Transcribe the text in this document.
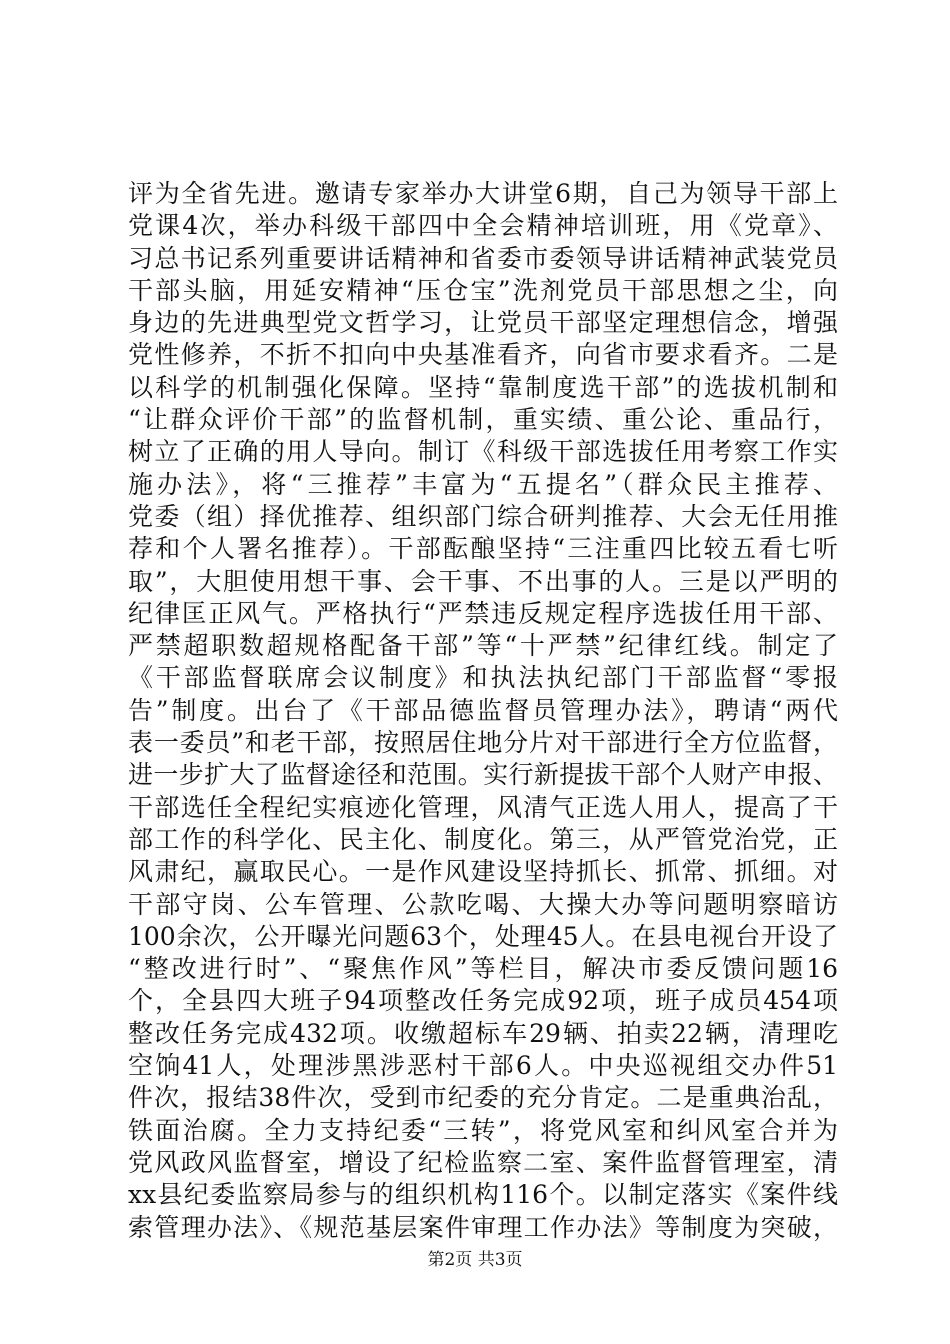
评为全省先进。邀请专家举办大讲堂6期，自己为领导干部上
党课4次，举办科级干部四中全会精神培训班，用《党章》、
习总书记系列重要讲话精神和省委市委领导讲话精神武装党员
干部头脑，用延安精神“压仓宝”洗剂党员干部思想之尘，向
身边的先进典型党文哲学习，让党员干部坚定理想信念，增强
党性修养，不折不扣向中央基准看齐，向省市要求看齐。二是
以科学的机制强化保障。坚持“靠制度选干部”的选拔机制和
“让群众评价干部”的监督机制，重实绩、重公论、重品行，
树立了正确的用人导向。制订《科级干部选拔任用考察工作实
施办法》，将“三推荐”丰富为“五提名”（群众民主推荐、
党委（组）择优推荐、组织部门综合研判推荐、大会无任用推
荐和个人署名推荐）。干部酝酿坚持“三注重四比较五看七听
取”，大胆使用想干事、会干事、不出事的人。三是以严明的
纪律匡正风气。严格执行“严禁违反规定程序选拔任用干部、
严禁超职数超规格配备干部”等“十严禁”纪律红线。制定了
《干部监督联席会议制度》和执法执纪部门干部监督“零报
告”制度。出台了《干部品德监督员管理办法》，聘请“两代
表一委员”和老干部，按照居住地分片对干部进行全方位监督，
进一步扩大了监督途径和范围。实行新提拔干部个人财产申报、
干部选任全程纪实痕迹化管理，风清气正选人用人，提高了干
部工作的科学化、民主化、制度化。第三，从严管党治党，正
风肃纪，赢取民心。一是作风建设坚持抓长、抓常、抓细。对
干部守岗、公车管理、公款吃喝、大操大办等问题明察暗访
100余次，公开曝光问题63个，处理45人。在县电视台开设了
“整改进行时”、“聚焦作风”等栏目，解决市委反馈问题16
个，全县四大班子94项整改任务完成92项，班子成员454项
整改任务完成432项。收缴超标车29辆、拍卖22辆，清理吃
空饷41人，处理涉黑涉恶村干部6人。中央巡视组交办件51
件次，报结38件次，受到市纪委的充分肯定。二是重典治乱，
铁面治腐。全力支持纪委“三转”，将党风室和纠风室合并为
党风政风监督室，增设了纪检监察二室、案件监督管理室，清
xx县纪委监察局参与的组织机构116个。以制定落实《案件线
索管理办法》、《规范基层案件审理工作办法》等制度为突破，
第2页 共3页
